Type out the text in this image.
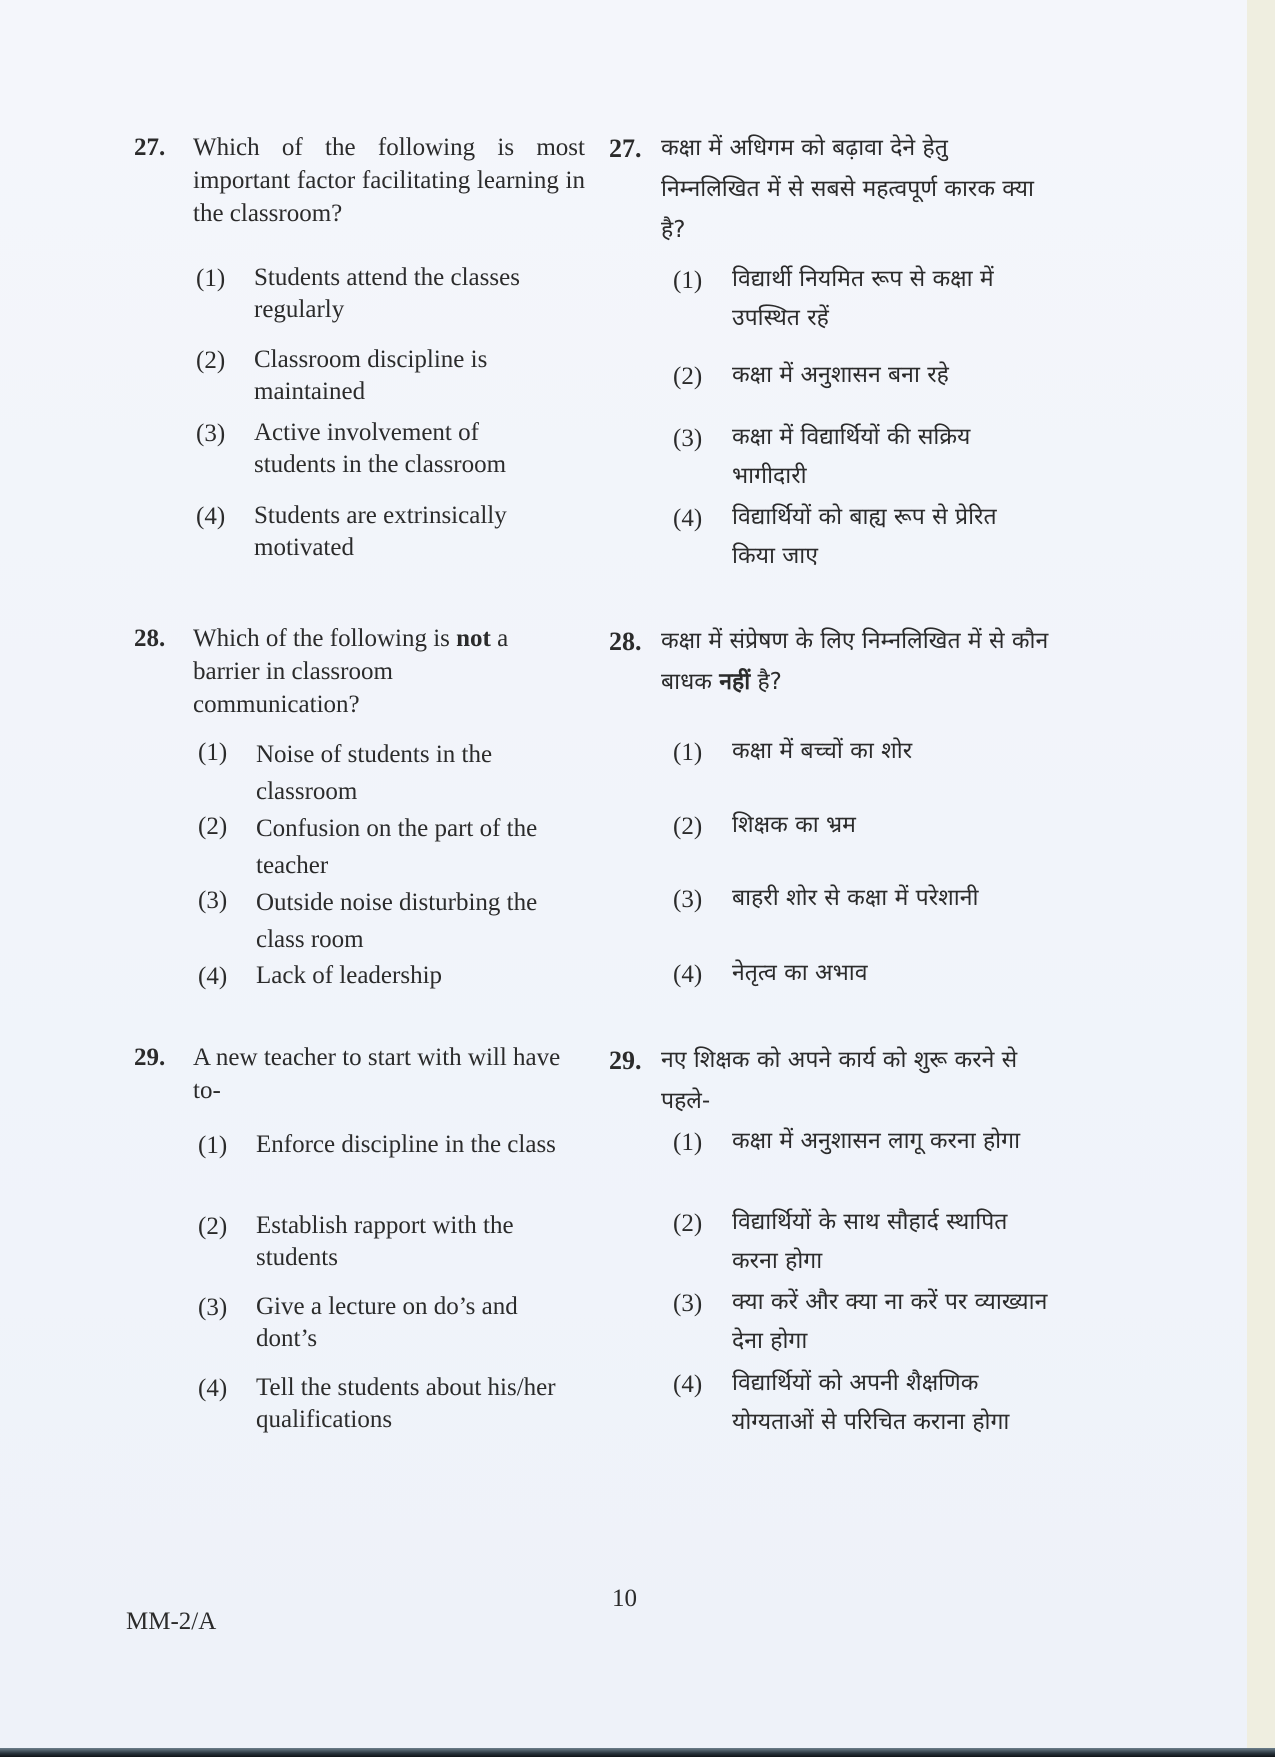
27. Which of the following is most important factor facilitating learning in the classroom?
(1) Students attend the classes regularly
(2) Classroom discipline is maintained
(3) Active involvement of students in the classroom
(4) Students are extrinsically motivated
27. कक्षा में अधिगम को बढ़ावा देने हेतु निम्नलिखित में से सबसे महत्वपूर्ण कारक क्या है?
(1) विद्यार्थी नियमित रूप से कक्षा में उपस्थित रहें
(2) कक्षा में अनुशासन बना रहे
(3) कक्षा में विद्यार्थियों की सक्रिय भागीदारी
(4) विद्यार्थियों को बाह्य रूप से प्रेरित किया जाए
28. Which of the following is not a barrier in classroom communication?
(1) Noise of students in the classroom
(2) Confusion on the part of the teacher
(3) Outside noise disturbing the class room
(4) Lack of leadership
28. कक्षा में संप्रेषण के लिए निम्नलिखित में से कौन बाधक नहीं है?
(1) कक्षा में बच्चों का शोर
(2) शिक्षक का भ्रम
(3) बाहरी शोर से कक्षा में परेशानी
(4) नेतृत्व का अभाव
29. A new teacher to start with will have to-
(1) Enforce discipline in the class
(2) Establish rapport with the students
(3) Give a lecture on do’s and dont’s
(4) Tell the students about his/her qualifications
29. नए शिक्षक को अपने कार्य को शुरू करने से पहले-
(1) कक्षा में अनुशासन लागू करना होगा
(2) विद्यार्थियों के साथ सौहार्द स्थापित करना होगा
(3) क्या करें और क्या ना करें पर व्याख्यान देना होगा
(4) विद्यार्थियों को अपनी शैक्षणिक योग्यताओं से परिचित कराना होगा
10
MM-2/A
